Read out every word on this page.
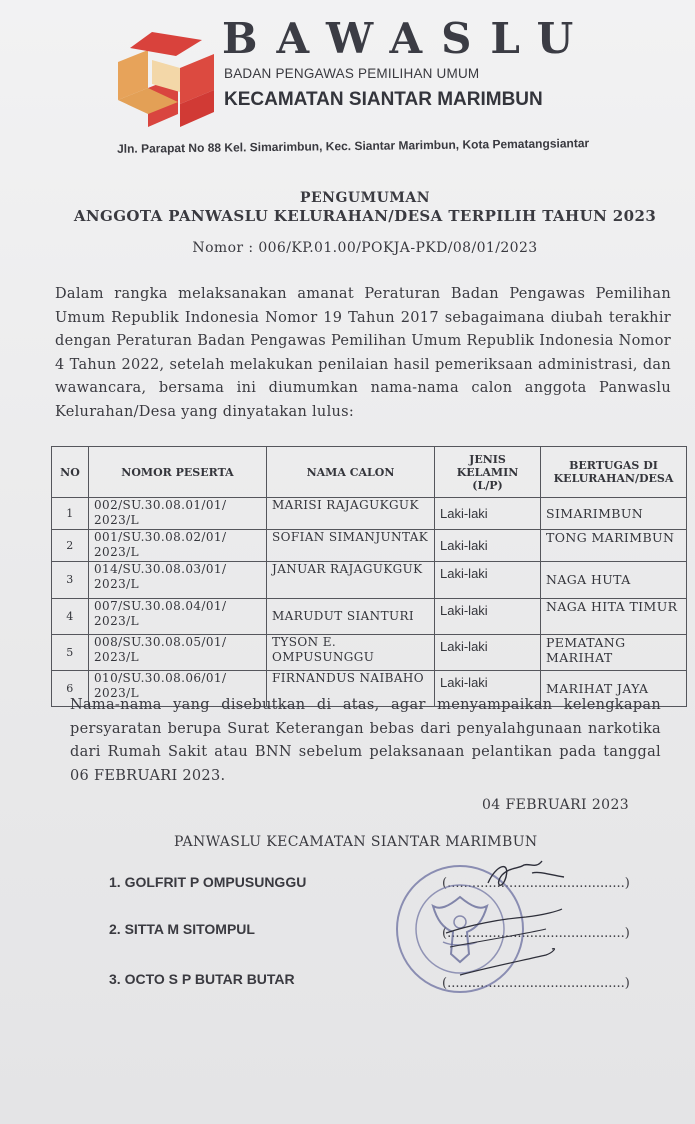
BAWASLU
BADAN PENGAWAS PEMILIHAN UMUM
KECAMATAN SIANTAR MARIMBUN
Jln. Parapat No 88 Kel. Simarimbun, Kec. Siantar Marimbun, Kota Pematangsiantar
PENGUMUMAN
ANGGOTA PANWASLU KELURAHAN/DESA TERPILIH TAHUN 2023
Nomor : 006/KP.01.00/POKJA-PKD/08/01/2023
Dalam rangka melaksanakan amanat Peraturan Badan Pengawas Pemilihan Umum Republik Indonesia Nomor 19 Tahun 2017 sebagaimana diubah terakhir dengan Peraturan Badan Pengawas Pemilihan Umum Republik Indonesia Nomor 4 Tahun 2022, setelah melakukan penilaian hasil pemeriksaan administrasi, dan wawancara, bersama ini diumumkan nama-nama calon anggota Panwaslu Kelurahan/Desa yang dinyatakan lulus:
NO	NOMOR PESERTA	NAMA CALON	JENIS KELAMIN (L/P)	BERTUGAS DI KELURAHAN/DESA
1	002/SU.30.08.01/01/ 2023/L	MARISI RAJAGUKGUK	Laki-laki	SIMARIMBUN
2	001/SU.30.08.02/01/ 2023/L	SOFIAN SIMANJUNTAK	Laki-laki	TONG MARIMBUN
3	014/SU.30.08.03/01/ 2023/L	JANUAR RAJAGUKGUK	Laki-laki	NAGA HUTA
4	007/SU.30.08.04/01/ 2023/L	MARUDUT SIANTURI	Laki-laki	NAGA HITA TIMUR
5	008/SU.30.08.05/01/ 2023/L	TYSON E. OMPUSUNGGU	Laki-laki	PEMATANG MARIHAT
6	010/SU.30.08.06/01/ 2023/L	FIRNANDUS NAIBAHO	Laki-laki	MARIHAT JAYA
Nama-nama yang disebutkan di atas, agar menyampaikan kelengkapan persyaratan berupa Surat Keterangan bebas dari penyalahgunaan narkotika dari Rumah Sakit atau BNN sebelum pelaksanaan pelantikan pada tanggal 06 FEBRUARI 2023.
04 FEBRUARI 2023
PANWASLU KECAMATAN SIANTAR MARIMBUN
1. GOLFRIT P OMPUSUNGGU
2. SITTA M SITOMPUL
3. OCTO S P BUTAR BUTAR
(...........................................)
(...........................................)
(...........................................)
